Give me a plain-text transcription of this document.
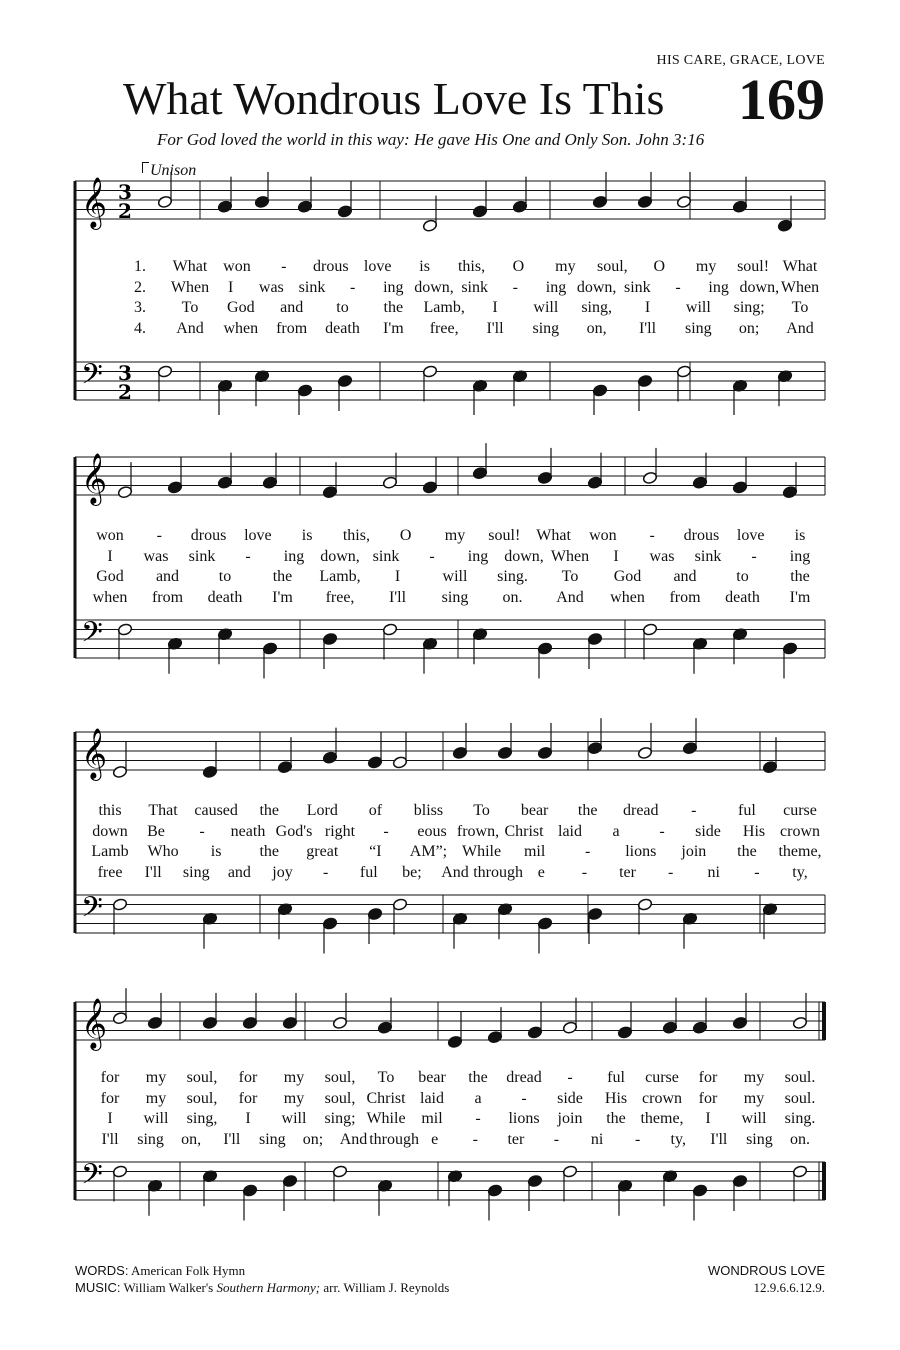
HIS CARE, GRACE, LOVE
What Wondrous Love Is This 169
For God loved the world in this way: He gave His One and Only Son. John 3:16
Unison
𝄞
𝄢
3
2
3
2
𝄞
𝄢
𝄞
𝄢
𝄞
𝄢
1. What won - drous love is this, O my soul, O my soul! What
2. When I was sink - ing down, sink - ing down, sink - ing down, When
3. To God and to the Lamb, I will sing, I will sing; To
4. And when from death I'm free, I'll sing on, I'll sing on; And
won - drous love is this, O my soul! What won - drous love is
I was sink - ing down, sink - ing down, When I was sink - ing
God and to	the Lamb, I	will sing. To God and to	the
when from death I'm free, I'll sing on. And when from death I'm
this That caused the Lord of bliss To bear the dread -	ful curse
down Be - neath God's right - eous frown, Christ laid a - side His crown
Lamb Who is the great “I AM”; While mil - lions join the theme,
free I'll sing and joy - ful be; And through e - ter - ni - ty,
for my soul, for my soul, To bear the dread - ful curse for my soul.
for my soul, for my soul, Christ laid a - side His crown for my soul.
I will sing, I will sing; While mil - lions join the theme, I will sing.
I'll sing on, I'll sing on; And through e - ter - ni - ty, I'll sing on.
WORDS: American Folk Hymn
MUSIC: William Walker's Southern Harmony; arr. William J. Reynolds
WONDROUS LOVE
12.9.6.6.12.9.
